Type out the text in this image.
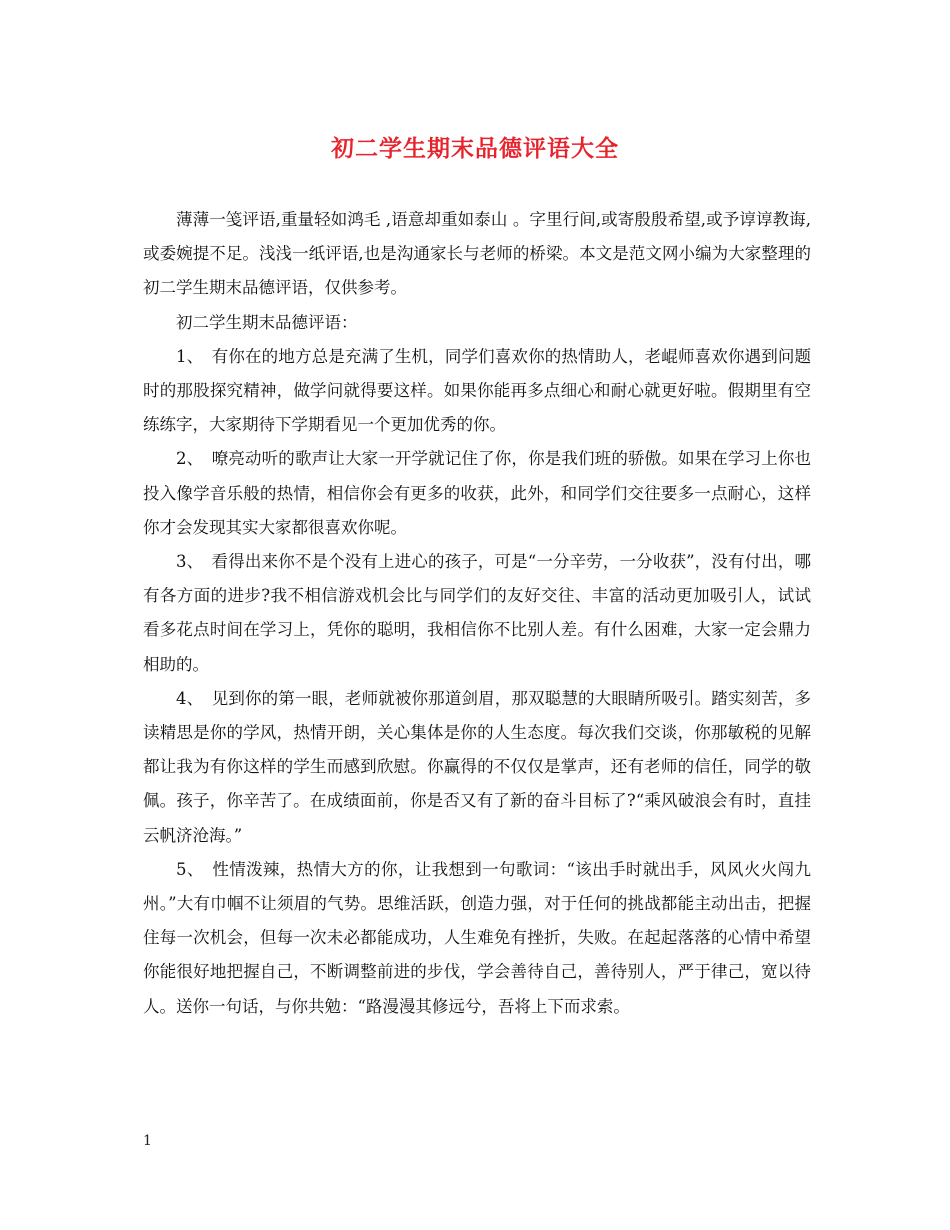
初二学生期末品德评语大全

薄薄一笺评语,重量轻如鸿毛 ,语意却重如泰山 。字里行间,或寄殷殷希望,或予谆谆教诲,或委婉提不足。浅浅一纸评语,也是沟通家长与老师的桥梁。本文是范文网小编为大家整理的初二学生期末品德评语，仅供参考。

初二学生期末品德评语：

1、　有你在的地方总是充满了生机，同学们喜欢你的热情助人，老崐师喜欢你遇到问题时的那股探究精神，做学问就得要这样。如果你能再多点细心和耐心就更好啦。假期里有空练练字，大家期待下学期看见一个更加优秀的你。

2、　嘹亮动听的歌声让大家一开学就记住了你，你是我们班的骄傲。如果在学习上你也投入像学音乐般的热情，相信你会有更多的收获，此外，和同学们交往要多一点耐心，这样你才会发现其实大家都很喜欢你呢。

3、　看得出来你不是个没有上进心的孩子，可是“一分辛劳，一分收获”，没有付出，哪有各方面的进步?我不相信游戏机会比与同学们的友好交往、丰富的活动更加吸引人，试试看多花点时间在学习上，凭你的聪明，我相信你不比别人差。有什么困难，大家一定会鼎力相助的。

4、　见到你的第一眼，老师就被你那道剑眉，那双聪慧的大眼睛所吸引。踏实刻苦，多读精思是你的学风，热情开朗，关心集体是你的人生态度。每次我们交谈，你那敏税的见解都让我为有你这样的学生而感到欣慰。你赢得的不仅仅是掌声，还有老师的信任，同学的敬佩。孩子，你辛苦了。在成绩面前，你是否又有了新的奋斗目标了?“乘风破浪会有时，直挂云帆济沧海。”

5、　性情泼辣，热情大方的你，让我想到一句歌词：“该出手时就出手，风风火火闯九州。”大有巾帼不让须眉的气势。思维活跃，创造力强，对于任何的挑战都能主动出击，把握住每一次机会，但每一次未必都能成功，人生难免有挫折，失败。在起起落落的心情中希望你能很好地把握自己，不断调整前进的步伐，学会善待自己，善待别人，严于律己，宽以待人。送你一句话，与你共勉：“路漫漫其修远兮，吾将上下而求索。

1
